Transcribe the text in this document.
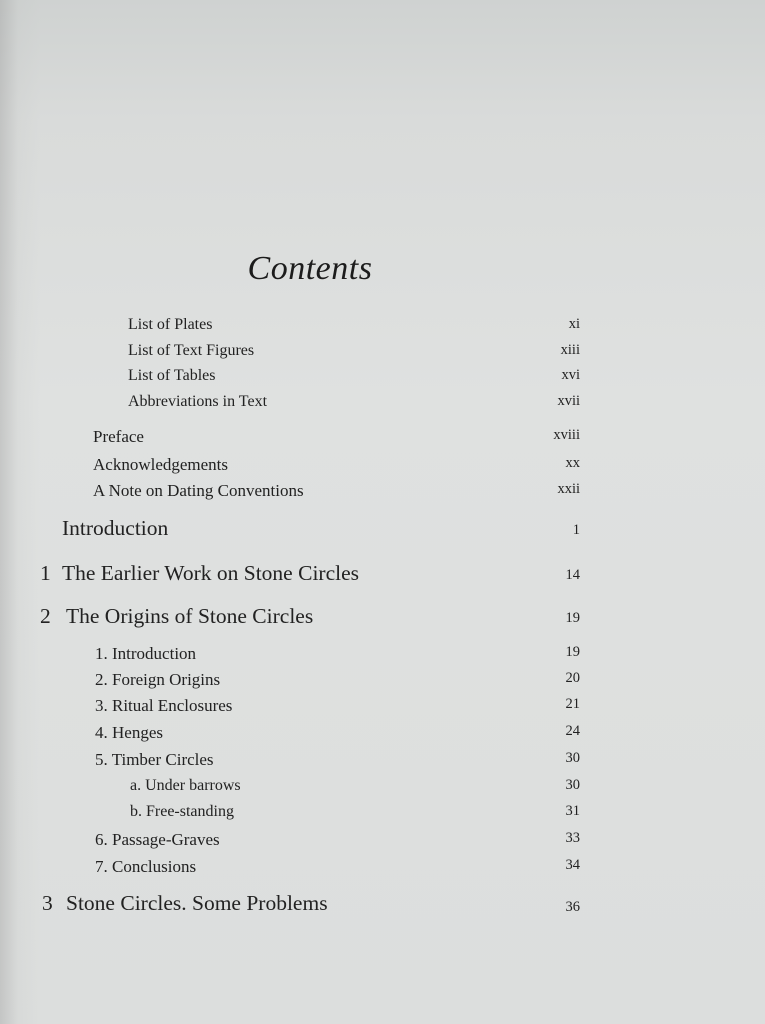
Contents
List of Plates	xi
List of Text Figures	xiii
List of Tables	xvi
Abbreviations in Text	xvii
Preface	xviii
Acknowledgements	xx
A Note on Dating Conventions	xxii
Introduction	1
1 The Earlier Work on Stone Circles	14
2 The Origins of Stone Circles	19
1. Introduction	19
2. Foreign Origins	20
3. Ritual Enclosures	21
4. Henges	24
5. Timber Circles	30
a. Under barrows	30
b. Free-standing	31
6. Passage-Graves	33
7. Conclusions	34
3 Stone Circles. Some Problems	36
